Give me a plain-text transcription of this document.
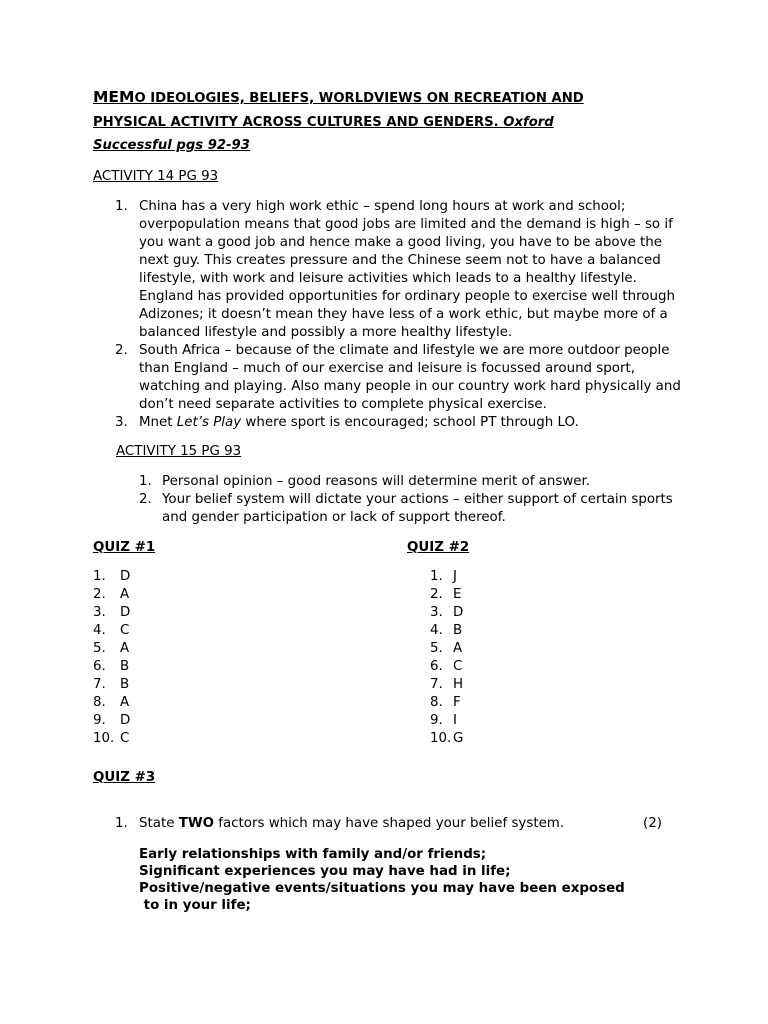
MEMO IDEOLOGIES, BELIEFS, WORLDVIEWS ON RECREATION AND
PHYSICAL ACTIVITY ACROSS CULTURES AND GENDERS. Oxford
Successful pgs 92-93
ACTIVITY 14 PG 93
1. China has a very high work ethic – spend long hours at work and school; overpopulation means that good jobs are limited and the demand is high – so if you want a good job and hence make a good living, you have to be above the next guy. This creates pressure and the Chinese seem not to have a balanced lifestyle, with work and leisure activities which leads to a healthy lifestyle.
England has provided opportunities for ordinary people to exercise well through Adizones; it doesn’t mean they have less of a work ethic, but maybe more of a balanced lifestyle and possibly a more healthy lifestyle.
2. South Africa – because of the climate and lifestyle we are more outdoor people than England – much of our exercise and leisure is focussed around sport, watching and playing. Also many people in our country work hard physically and don’t need separate activities to complete physical exercise.
3. Mnet Let’s Play where sport is encouraged; school PT through LO.
ACTIVITY 15 PG 93
1. Personal opinion – good reasons will determine merit of answer.
2. Your belief system will dictate your actions – either support of certain sports and gender participation or lack of support thereof.
QUIZ #1
1. D
2. A
3. D
4. C
5. A
6. B
7. B
8. A
9. D
10. C
QUIZ #2
1. J
2. E
3. D
4. B
5. A
6. C
7. H
8. F
9. I
10. G
QUIZ #3
1. State TWO factors which may have shaped your belief system.	(2)
Early relationships with family and/or friends;
Significant experiences you may have had in life;
Positive/negative events/situations you may have been exposed
to in your life;
